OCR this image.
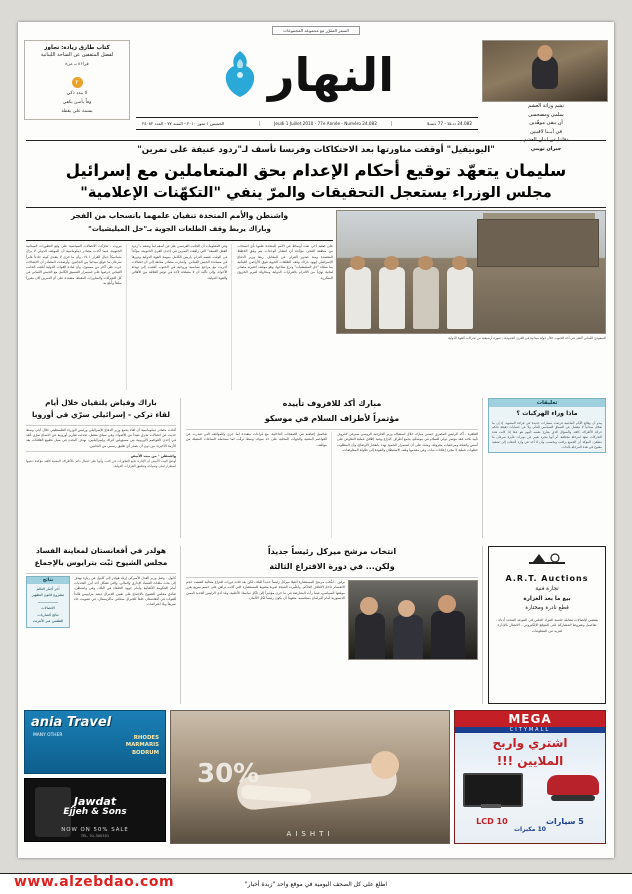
السعر المقرّر مع مجموعة المجموعات
كتاب طارق زيادة: تجاوز
لفضل المثقفين عن الساحة اللبنانية
قراءة بـ مرة
٢
لا يبدد ذكي
وفاً يأمين يكفي
بسمة على يقظة
النهار
24.082 ددعلا - 77 ةنسلا
Jeudi 1 Juillet 2010 - 77e Année - Numéro 24.082
الخميس ١ تموز ٢٠١٠ - السنة ٧٧ - العدد ٢٤٠٨٢
تشم وراثة العشم
سلمى ومصحسن
أن ببقى موهّدين
في أيــنا لاقينين
دفاتنا عن لبنان العشم
جبران تويني
"اليونيفيل" أوقفت مناورتها بعد الاحتكاكات وفرنسا تأسف لـ"ردود عنيفة على تمرين"
سليمان يتعهّد توقيع أحكام الإعدام بحق المتعاملين مع إسرائيل
مجلس الوزراء يستعجل التحقيقات والمرّ ينفي "التكهّنات الإعلامية"
السعودي اللبناني التقى في أحد الجنوب خلال جولة ميدانية في القرى الحدودية - صورة أرشيفية من تحركات القوة الدولية
واشنطن والأمم المتحدة تنفيان علمهما بانسحاب من الفجر
وباراك يربط وقف الطلعات الجوية بـ"حل الميليشيات"
على صعيد آخر، نفت أوساط في الأمم المتحدة علمها بأي انسحاب من منطقة الفجر، مؤكدة أن انتشار الوحدات يتم وفق الخطط المعتمدة ومنذ صدور القرار. في المقابل، ربط وزير الدفاع الإسرائيلي إيهود باراك وقف الطلعات الجوية فوق الأراضي اللبنانية بما سمّاه "حل الميليشيات" ونزع سلاحها، وهو موقف اعتبرته مصادر لبنانية تهرّباً من الالتزام بالقرارات الدولية ومحاولة لتبرير الخروق المتكررة.
وفي المعلومات أن الجانب الفرنسي عبّر عن أسفه لما وصفه بـ"ردود الفعل العنيفة" التي رافقت التمرين في إحدى القرى الجنوبية، مؤكداً في الوقت نفسه التزام باريس الكامل بمهمة القوة الدولية ودورها في مساندة الجيش اللبناني. وأشارت مصادر متابعة إلى أن اتصالات أجريت مع مراجع سياسية وروحية في الجنوب أفضت إلى تهدئة الأجواء، وإلى تأكيد أن لا مصلحة لأحد في توتير العلاقة بين الأهالي والقوة الدولية.
بيروت - تحرّكت الاتصالات السياسية على وقع التطورات الميدانية الجنوبية، فيما أكدت مصادر ديبلوماسية أن الموقف الدولي لا يزال متماسكاً حيال القرار ١٧٠١، وأن ما جرى لا يتعدى كونه حادثاً عابراً سرعان ما عولج ميدانياً بين الجانبين. وأوضحت المصادر أن الاتصالات جرت على أكثر من مستوى، وأن قيادة القوات الدولية أبلغت الجانب اللبناني حرصها على استمرار التنسيق الكامل مع الجيش اللبناني في كل التحركات والمناورات المقبلة، مشددة على أن التمرين كان مقرراً سلفاً وأُبلغ به.
تعليقات
ماذا وراء الهركبات ؟
يبدو أن وقائع الأيام الماضية فرضت مسارات جديدة في قراءة المشهد، إذ إن ما سُجّل ميدانياً لا ينفصل عن السياق السياسي العام، ولا عن حسابات دقيقة تحكم حركة الأطراف كافة. والسؤال الذي يطرح نفسه اليوم هو عمّا إذا كانت هذه التحركات تمهّد لمرحلة مختلفة، أم أنها مجرد تعبير عن توترات عابرة سرعان ما تنطفئ. المؤكد أن الجميع يراقب ويحسب، وأن لا أحد في وارد الذهاب إلى تصعيد مفتوح في هذه المرحلة بالذات.
مبارك أكد للافروف تأييده
مؤتمراً لأطراف السلام في موسكو
القاهرة - أكد الرئيس المصري حسني مبارك خلال استقباله وزير الخارجية الروسي سيرغي لافروف تأييد بلاده عقد مؤتمر دولي للسلام في موسكو، يجمع أطراف النزاع ويعيد إطلاق عملية التفاوض على أسس واضحة ومرجعيات معروفة. وشدد على أن استمرار الجمود يهدد بانفجار الأوضاع، وأن المطلوب خطوات عملية لا مجرد إعلانات نيات، وفي مقدمها وقف الاستيطان والعودة إلى طاولة المفاوضات.
تفاصيل إضافية في الصفحات الداخلية، مع قراءات متعددة لما جرى وللمواقف التي صدرت عن العواصم المعنية والجهات المحلية على حد سواء، وسط ترقّب لما ستحمله الساعات المقبلة من مواقف.
باراك وفياض يلتقيان خلال أيام
لقاء تركي - إسرائيلي سرّي في أوروبا
أفادت مصادر ديبلوماسية أن لقاء يجمع وزير الدفاع الإسرائيلي ورئيس الوزراء الفلسطيني خلال أيام، وسط حديث عن اتصالات تجري بعيداً من الأضواء. وفي سياق متصل، تحدثت تقارير أوروبية عن اجتماع سرّي عُقد في إحدى العواصم الأوروبية بين مسؤولين أتراك وإسرائيليين، بهدف البحث في سبل تطبيع العلاقات بعد الأزمة الأخيرة، من دون أن يصدر أي تعليق رسمي من الجانبين.
واشنطن - من بيت الأبيض
أوضح البيت الأبيض أن الإدارة تتابع التطورات عن كثب، وأنها على اتصال دائم بالأطراف المعنية كافة، مؤكدة دعمها استقرار لبنان وسيادته وتطبيق القرارات الدولية.
A.R.T. Auctions
تجارة فنية
بيع ما بعد الغزارة
قطع نادرة ومختارة
يقتضي لإلصالات مقابلة جلسة المزاد العلني في الموعد المحدد أدناه - تفاصيل وشروط المشاركة على الموقع الإلكتروني - الاتصال بالإدارة لمزيد من المعلومات
انتخاب مرشح ميركل رئيساً جديداً
ولكن... في دورة الاقتراع الثالثة
برلين - انتُخب مرشح المستشارة أنغيلا ميركل رئيساً جديداً للبلاد، لكن بعد ثلاث دورات اقتراع متتالية كشفت حجم الانقسام داخل الائتلاف الحاكم. واعتُبرت النتيجة ضربة معنوية للمستشارة التي كانت تراهن على حسم سريع يعزز موقعها السياسي، فيما رأت المعارضة في ما جرى مؤشراً إلى تآكل تماسك الأغلبية. وقد أدى الرئيس الجديد اليمين الدستورية أمام البرلمان بمجلسيه، متعهداً أن يكون رئيساً لكل الألمان.
هولدر في أفغانستان لمعاينة الفساد
مجلس الشيوخ ثبّت بترايوس بالإجماع
كابول - وصل وزير العدل الأميركي إريك هولدر إلى كابول في زيارة تهدف إلى بحث ملفات الفساد الإداري والمالي، والتي تشكل أحد أبرز التحديات أمام الحكومة الأفغانية وأمام جهود الحلفاء في البلاد. وفي واشنطن، صادق مجلس الشيوخ بالإجماع على تعيين الجنرال ديفيد بترايوس قائداً للقوات في أفغانستان خلفاً للجنرال ستانلي ماكريستال، في تصويت جاء سريعاً وبلا اعتراضات.
نتائج
آخر أخبار العالم
مشروع قانون التظهير
ـــــــــــــــــــ
الاتصالات
نتائج المباريات
الطقس عبر الأنترنت
MEGA
CITYMALL
اشتري واربح
الملايين !!!
5 سيارات
10 LCD
10 مكبرات
30%
AISHTI
ania Travel
MANY OTHER	RHODES
MARMARIS
BODRUM
Jawdat
Ejjeh & Sons
NOW ON 50% SALE
TEL. 01-300351
اطلع على كل الصحف اليومية في موقع واحد "زبدة أخبار"
www.alzebdao.com
